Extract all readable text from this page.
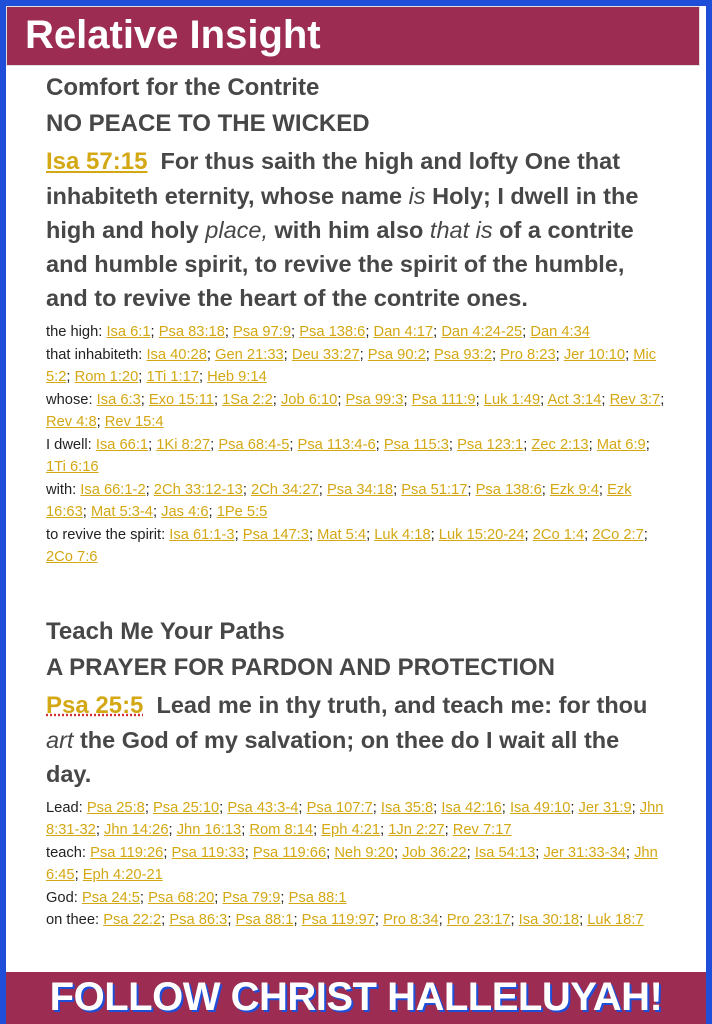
Relative Insight
Comfort for the Contrite
NO PEACE TO THE WICKED
Isa 57:15  For thus saith the high and lofty One that inhabiteth eternity, whose name is Holy; I dwell in the high and holy place, with him also that is of a contrite and humble spirit, to revive the spirit of the humble, and to revive the heart of the contrite ones.
the high: Isa 6:1; Psa 83:18; Psa 97:9; Psa 138:6; Dan 4:17; Dan 4:24-25; Dan 4:34
that inhabiteth: Isa 40:28; Gen 21:33; Deu 33:27; Psa 90:2; Psa 93:2; Pro 8:23; Jer 10:10; Mic 5:2; Rom 1:20; 1Ti 1:17; Heb 9:14
whose: Isa 6:3; Exo 15:11; 1Sa 2:2; Job 6:10; Psa 99:3; Psa 111:9; Luk 1:49; Act 3:14; Rev 3:7; Rev 4:8; Rev 15:4
I dwell: Isa 66:1; 1Ki 8:27; Psa 68:4-5; Psa 113:4-6; Psa 115:3; Psa 123:1; Zec 2:13; Mat 6:9; 1Ti 6:16
with: Isa 66:1-2; 2Ch 33:12-13; 2Ch 34:27; Psa 34:18; Psa 51:17; Psa 138:6; Ezk 9:4; Ezk 16:63; Mat 5:3-4; Jas 4:6; 1Pe 5:5
to revive the spirit: Isa 61:1-3; Psa 147:3; Mat 5:4; Luk 4:18; Luk 15:20-24; 2Co 1:4; 2Co 2:7; 2Co 7:6
Teach Me Your Paths
A PRAYER FOR PARDON AND PROTECTION
Psa 25:5  Lead me in thy truth, and teach me: for thou art the God of my salvation; on thee do I wait all the day.
Lead: Psa 25:8; Psa 25:10; Psa 43:3-4; Psa 107:7; Isa 35:8; Isa 42:16; Isa 49:10; Jer 31:9; Jhn 8:31-32; Jhn 14:26; Jhn 16:13; Rom 8:14; Eph 4:21; 1Jn 2:27; Rev 7:17
teach: Psa 119:26; Psa 119:33; Psa 119:66; Neh 9:20; Job 36:22; Isa 54:13; Jer 31:33-34; Jhn 6:45; Eph 4:20-21
God: Psa 24:5; Psa 68:20; Psa 79:9; Psa 88:1
on thee: Psa 22:2; Psa 86:3; Psa 88:1; Psa 119:97; Pro 8:34; Pro 23:17; Isa 30:18; Luk 18:7
FOLLOW CHRIST HALLELUYAH!
